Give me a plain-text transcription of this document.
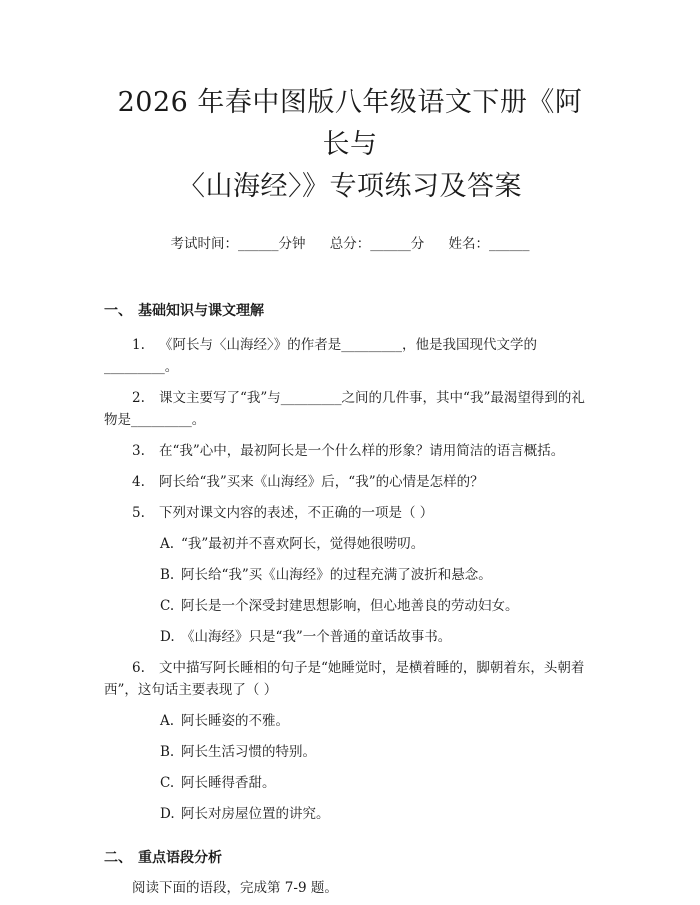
2026 年春中图版八年级语文下册《阿长与
〈山海经〉》专项练习及答案
考试时间：______分钟 总分：______分 姓名：______
一、 基础知识与课文理解

1. 《阿长与〈山海经〉》的作者是_________，他是我国现代文学的_________。

2. 课文主要写了“我”与_________之间的几件事，其中“我”最渴望得到的礼物是_________。

3. 在“我”心中，最初阿长是一个什么样的形象？请用简洁的语言概括。

4. 阿长给“我”买来《山海经》后，“我”的心情是怎样的？

5. 下列对课文内容的表述，不正确的一项是（ ）

A. “我”最初并不喜欢阿长，觉得她很唠叨。

B. 阿长给“我”买《山海经》的过程充满了波折和悬念。

C. 阿长是一个深受封建思想影响，但心地善良的劳动妇女。

D. 《山海经》只是“我”一个普通的童话故事书。

6. 文中描写阿长睡相的句子是“她睡觉时，是横着睡的，脚朝着东，头朝着西”，这句话主要表现了（ ）

A. 阿长睡姿的不雅。

B. 阿长生活习惯的特别。

C. 阿长睡得香甜。

D. 阿长对房屋位置的讲究。

二、 重点语段分析

阅读下面的语段，完成第 7-9 题。
